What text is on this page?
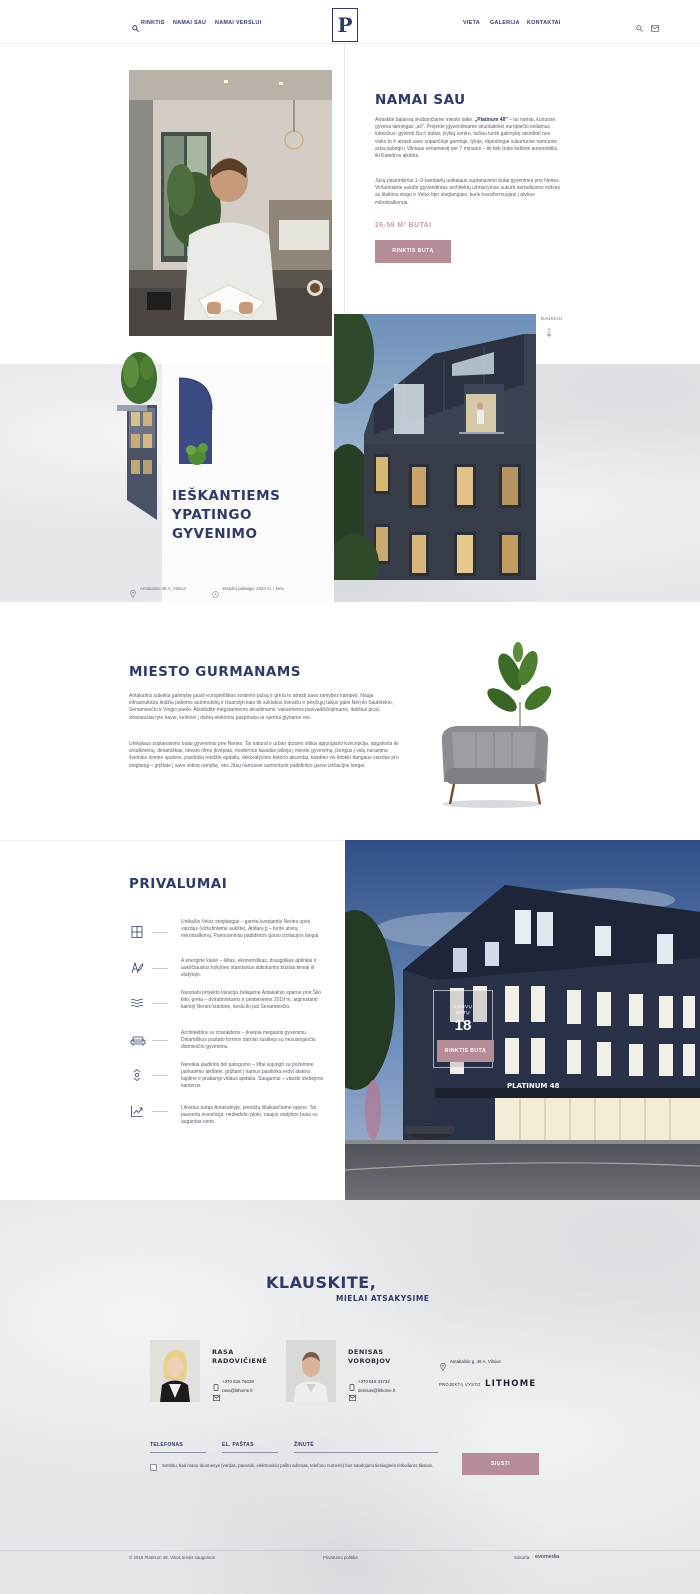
RINKTIS NAMAI SAU NAMAI VERSLUI	VIETA GALERIJA KONTAKTAI
P
NAMAI SAU

Atraskite balansą skubančiame miesto laike. „Platinum 48" – tai namai, kuriuose gyvena laimingas „aš". Projekte įgyvendiname skuolaikinio europiečio keliamus lūkesčius: gyventi čia ir dabar, įvykių centre, tačiau turėti galimybę atsiriboti nuo visko to ir atrasti save supančioje gamtoje, tyloje, rūpestingai sukurtuose namuose arba pabėgti į Vilniaus senamiestį per 7 minutes – tik tiek truks kelionė automobiliu iki Katedros aikštės.

Jūsų pasirinkimui 1–3 kambarių unikalaus suplanavimo butai gyvenimui prie Neries. Viršutiniame aukšte įgyvendintas architektų užmanymas sukurti netradicines erdves su šlaitiniu stogu ir Velux tipo stoglangiais, kurie transformuojasi į atvirus mikrobalkonus.

26-59 M² BUTAI
RINKTIS BUTĄ
DAUGIAU
IEŠKANTIEMS
YPATINGO
GYVENIMO
Antakalnio 48 A, Vilnius	Statybų pabaiga: 2020 m. I ketv.
MIESTO GURMANAMS

Antakalnis suteikia galimybę jausti europietiškos sostinės pulsą ir greta to atrasti savo ramybės kampelį. Nauja infrastruktūra leidžia patiems automobilių ir išsandyti kaip tik suklukus dviračiu ir pėsčiųjų takus palei Nerį iki Saulėtekio, Senamiesčio ir Vingio parko. Atsidūdite mėgstamiems atradimams: vakarinėms pasivaikščiojimams, itališkai picai, skaniausiai ryto kavai, kelionei į darbą elektriniu paspirtuku ar sportui glyname ore.

Unikalaus suplanavimo butai gyvenimui prie Neries. Tai natural ir urban dizaino stilius apjungianti koncepcija, apgalvota iki smulkmenų: dinamiškas, miesto ritmo įkvėptas, modernus fasadas įsilieja į miesto gyvenimą, įžengus į vidų nuramina švelnios žemės spalvos, pastinkia medžio apdaila, dekoratyvinio betono akcentai, kasdien vis kitokio dangaus vaizdas pro stoglangį – grįžtate į savo vidinę ramybę, nes Jūsų namuose sumontuoti padidintos garso izoliacijos langai.

PRIVALUMAI

Unikalūs Velux stoglangiai – gamta kvepiantis Neries upės vaizdas (viršutiniame aukšte). Atidarę jį – turite atvirą mikrobalkoną. Panoraminiai padidintos garso izoliacijos langai.

A energinė klasė – šiltas, ekonomiškas, draugiškas aplinkai ir aukščiausius kokybės standartus atitinkantis būstas tiesiai iš statytojo.

Nuostabi projekto lokacija žaliajame Antakalnio sparne prie Šilo tilto, greta – dviratininkams ir pėstiesiems 2019 m. atgimstanti kairioji Neries krantinė, tiesiu iki pat Senamiesčio.

Architektūra su charakteriu – įkvepia mėgautis gyvenimu. Dinamiškos pastato formos darniai susilieja su nesustojančiu didmiesčio gyvenimu.

Nereikia jaudintis dėl patogumo – liftai sujungti su požemine parkavimo aikštele, grįžtant į namus pasitinka erdvi atskira laiptinė ir prabangi vidaus apdaila. Saugumui – vaizdo stebėjimo kameros.

Likvidus turtas Antakalnyje, prestižą išlaikančiame rajone. Tai pasverta investicija: nediedelio ploto, naujos statybos butai su auganbia verte.

PLATINUM 48
LAISVŲ
BUTŲ
18
RINKTIS BUTĄ
KLAUSKITE,
MIELAI ATSAKYSIME
RASA
RADOVIČIENĖ
+370 626 76029
rasa@lithome.lt
DENISAS
VOROBJOV
+370 618 33732
denisas@lithome.lt
Antakalnio g. 48 A, Vilnius
PROJEKTĄ VYSTO LITHOME
TELEFONAS	EL. PAŠTAS	ŽINUTĖ

Sutinku, kad mano duomenys (vardas, pavardė, elektroninio pašto adresas, telefono numeris) bus naudojami tiesioginės rinkodaros tikslais.	SIŲSTI
© 2018 Platinum 48. Visos teisės saugomos	Privatumo politika	Sukurta: evomedia
